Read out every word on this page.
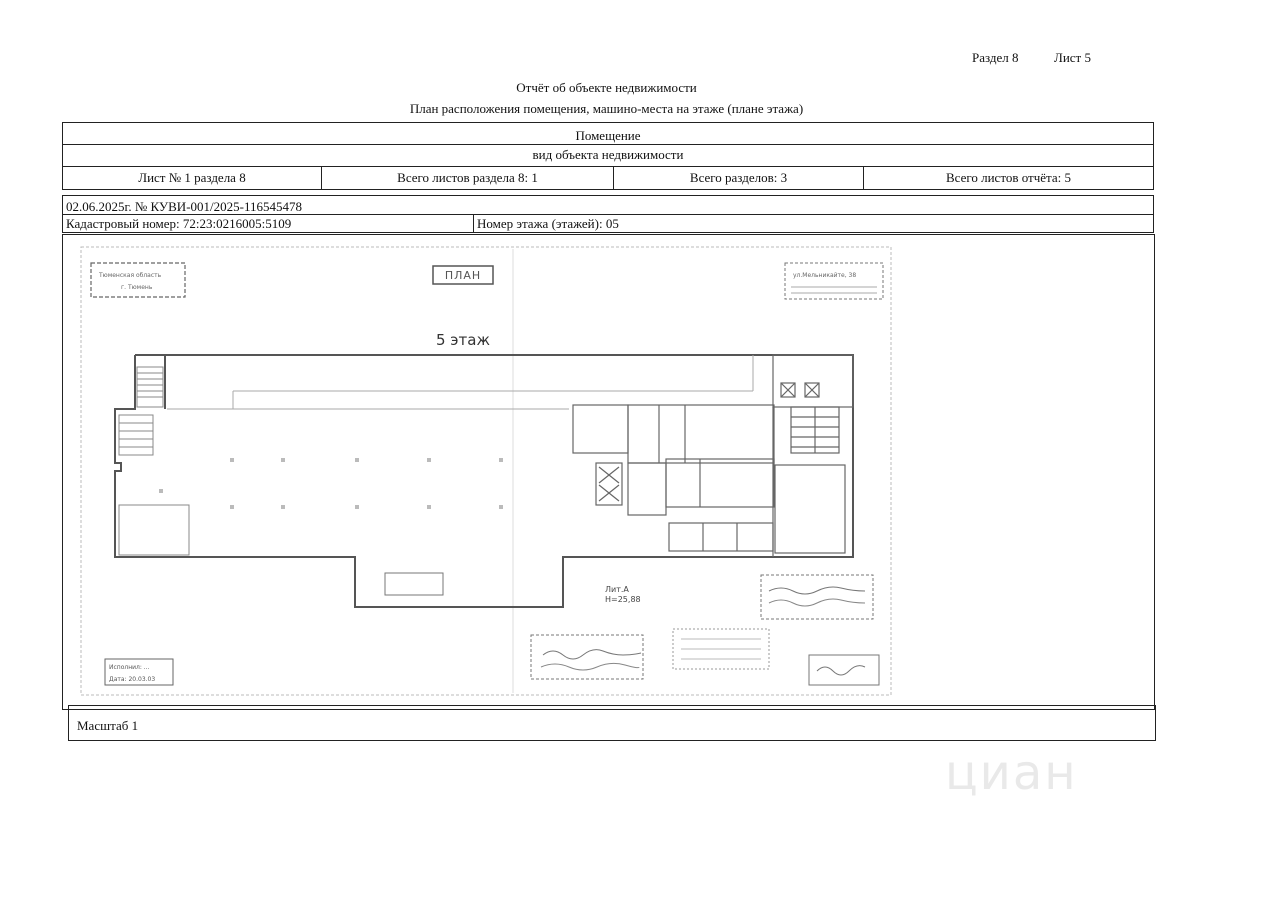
Раздел 8	Лист 5
Отчёт об объекте недвижимости
План расположения помещения, машино-места на этаже (плане этажа)
Помещение
вид объекта недвижимости
Лист № 1 раздела 8	Всего листов раздела 8: 1	Всего разделов: 3	Всего листов отчёта: 5
02.06.2025г. № КУВИ-001/2025-116545478
Кадастровый номер: 72:23:0216005:5109	Номер этажа (этажей): 05
Тюменская область
г. Тюмень
ПЛАН	ул.Мельникайте, 38
5 этаж
Лит.А
Н=25,88
Исполнил: ...
Дата: 20.03.03
Масштаб 1
циан
